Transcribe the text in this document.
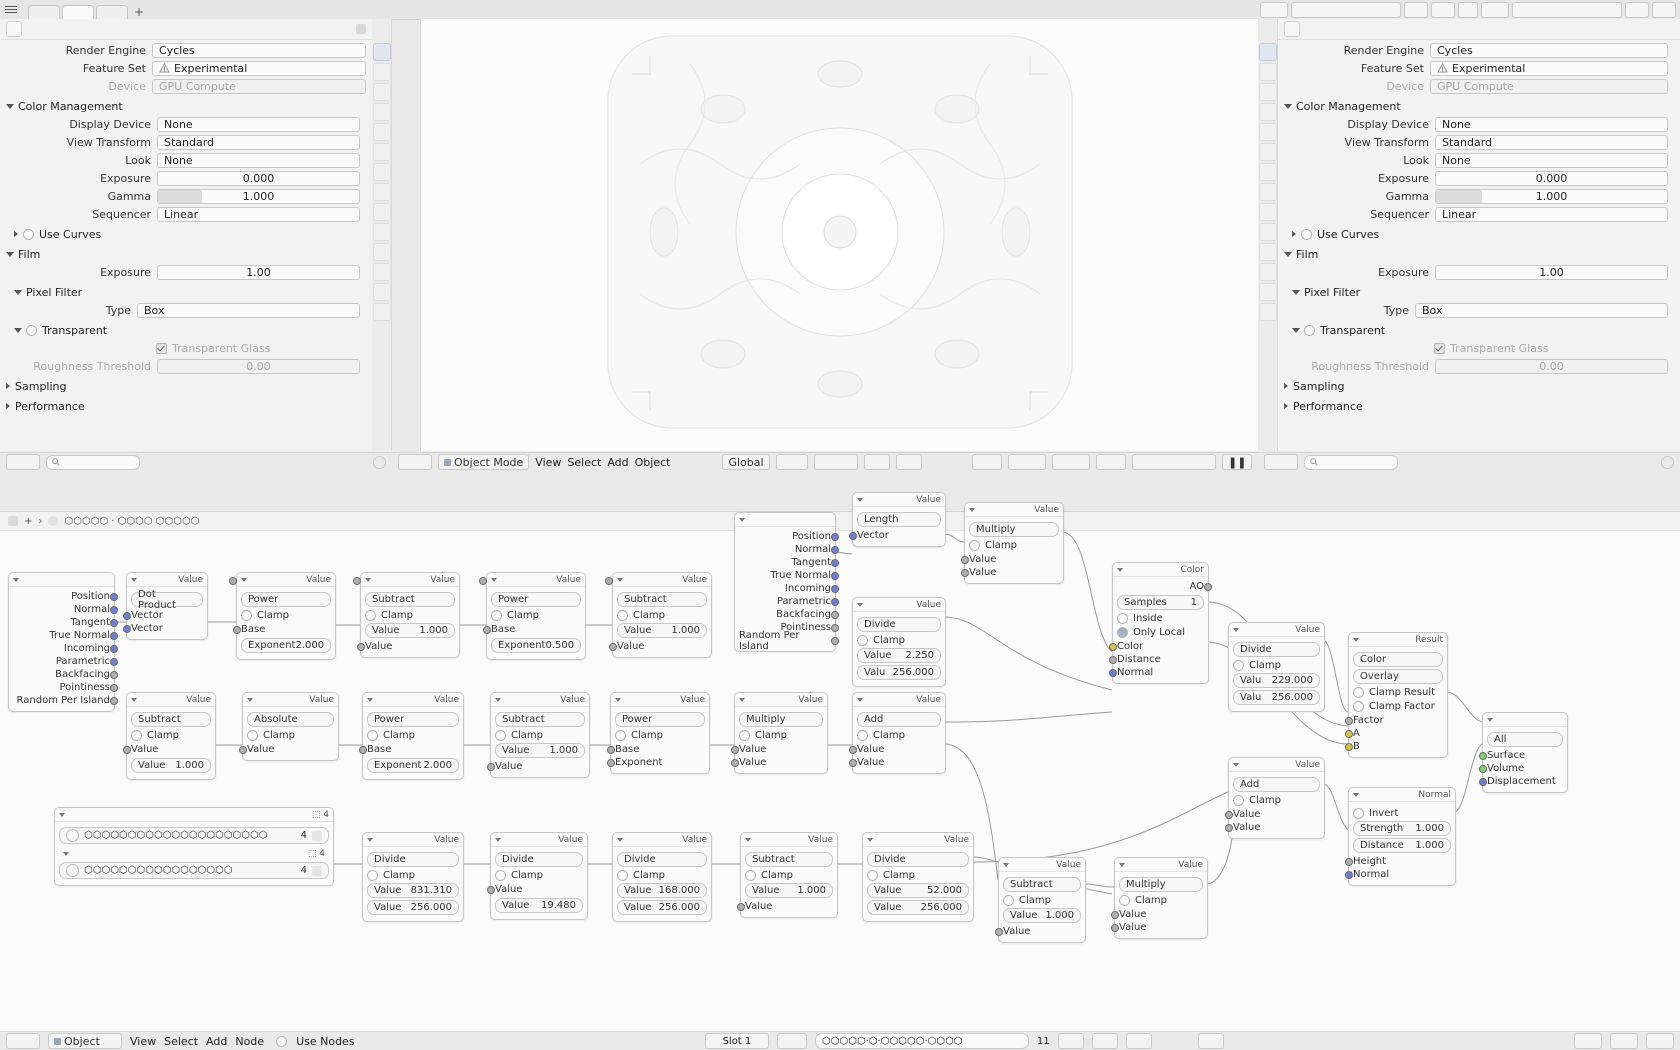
+
Render Engine	Cycles
Feature Set	Experimental
Device	GPU Compute
Color Management
Display Device	None
View Transform	Standard
Look	None
Exposure	0.000
Gamma	1.000
Sequencer	Linear
Use Curves
Film
Exposure	1.00
Pixel Filter
Type	Box
Transparent
Transparent Glass
Roughness Threshold	0.00
Sampling
Performance
Render Engine	Cycles
Feature Set	Experimental
Device	GPU Compute
Color Management
Display Device	None
View Transform	Standard
Look	None
Exposure	0.000
Gamma	1.000
Sequencer	Linear
Use Curves
Film
Exposure	1.00
Pixel Filter
Type	Box
Transparent
Transparent Glass
Roughness Threshold	0.00
Sampling
Performance
Object Mode View Select Add Object	Global	❚❚
+ › ⬡⬡⬡⬡⬡ · ⬡⬡⬡⬡ ⬡⬡⬡⬡⬡
Position
Normal
Tangent
True Normal
Incoming
Parametric
Backfacing
Pointiness
Random Per Island
Value
Dot Product
Vector
Vector
Value
Power
Clamp
Base
Exponent 2.000
Value
Subtract
Clamp
Value 1.000
Value
Value
Power
Clamp
Base
Exponent 0.500
Value
Subtract
Clamp
Value 1.000
Value
Position
Normal
Tangent
True Normal
Incoming
Parametric
Backfacing
Pointiness
Random Per Island
Value
Length
Vector
Value
Multiply
Clamp
Value
Value
Value
Divide
Clamp
Value 2.250
Valu 256.000
Color
AO
Samples 1
Inside
Only Local
Color
Distance
Normal
Value
Divide
Clamp
Valu 229.000
Valu 256.000
Result
Color
Overlay
Clamp Result
Clamp Factor
Factor
A
B
Value
Subtract
Clamp
Value
Value 1.000
Value
Absolute
Clamp
Value
Value
Power
Clamp
Base
Exponent 2.000
Value
Subtract
Clamp
Value 1.000
Value
Value
Power
Clamp
Base
Exponent
Value
Multiply
Clamp
Value
Value
Value
Add
Clamp
Value
Value	Value
Add
Clamp
Value
Value
Normal
Invert
Strength 1.000
Distance 1.000
Height
Normal
All
Surface
Volume
Displacement
⬚ 4
⬡⬡⬡⬡⬡⬡⬡⬡⬡⬡⬡⬡⬡⬡⬡⬡⬡⬡⬡⬡⬡	4
⬚ 4
⬡⬡⬡⬡⬡⬡⬡⬡⬡⬡⬡⬡⬡⬡⬡⬡⬡	4
Value
Divide
Clamp
Value 831.310
Value 256.000
Value
Divide
Clamp
Value
Value 19.480
Value
Divide
Clamp
Value 168.000
Value 256.000
Value
Subtract
Clamp
Value 1.000
Value
Value
Divide
Clamp
Value	52.000
Value 256.000
Value
Subtract
Clamp
Value 1.000
Value
Value
Multiply
Clamp
Value
Value
Object	View Select Add Node	Use Nodes	Slot 1	⬡⬡⬡⬡⬡·⬡·⬡⬡⬡⬡⬡·⬡⬡⬡⬡	11
